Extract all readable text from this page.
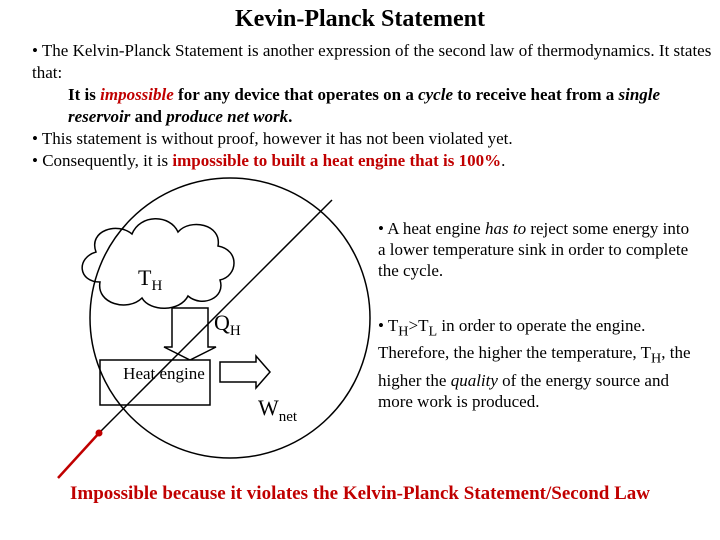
Kevin-Planck Statement

• The Kelvin-Planck Statement is another expression of the second law of thermodynamics. It states that:

It is impossible for any device that operates on a cycle to receive heat from a single reservoir and produce net work.

• This statement is without proof, however it has not been violated yet.

• Consequently, it is impossible to built a heat engine that is 100%.

$T_H$
$Q_H$
Heat engine
$W_{net}$
• A heat engine has to reject some energy into a lower temperature sink in order to complete the cycle.
• $T_H>T_L$ in order to operate the engine. Therefore, the higher the temperature, $T_H$, the higher the quality of the energy source and more work is produced.
Impossible because it violates the Kelvin-Planck Statement/Second Law
